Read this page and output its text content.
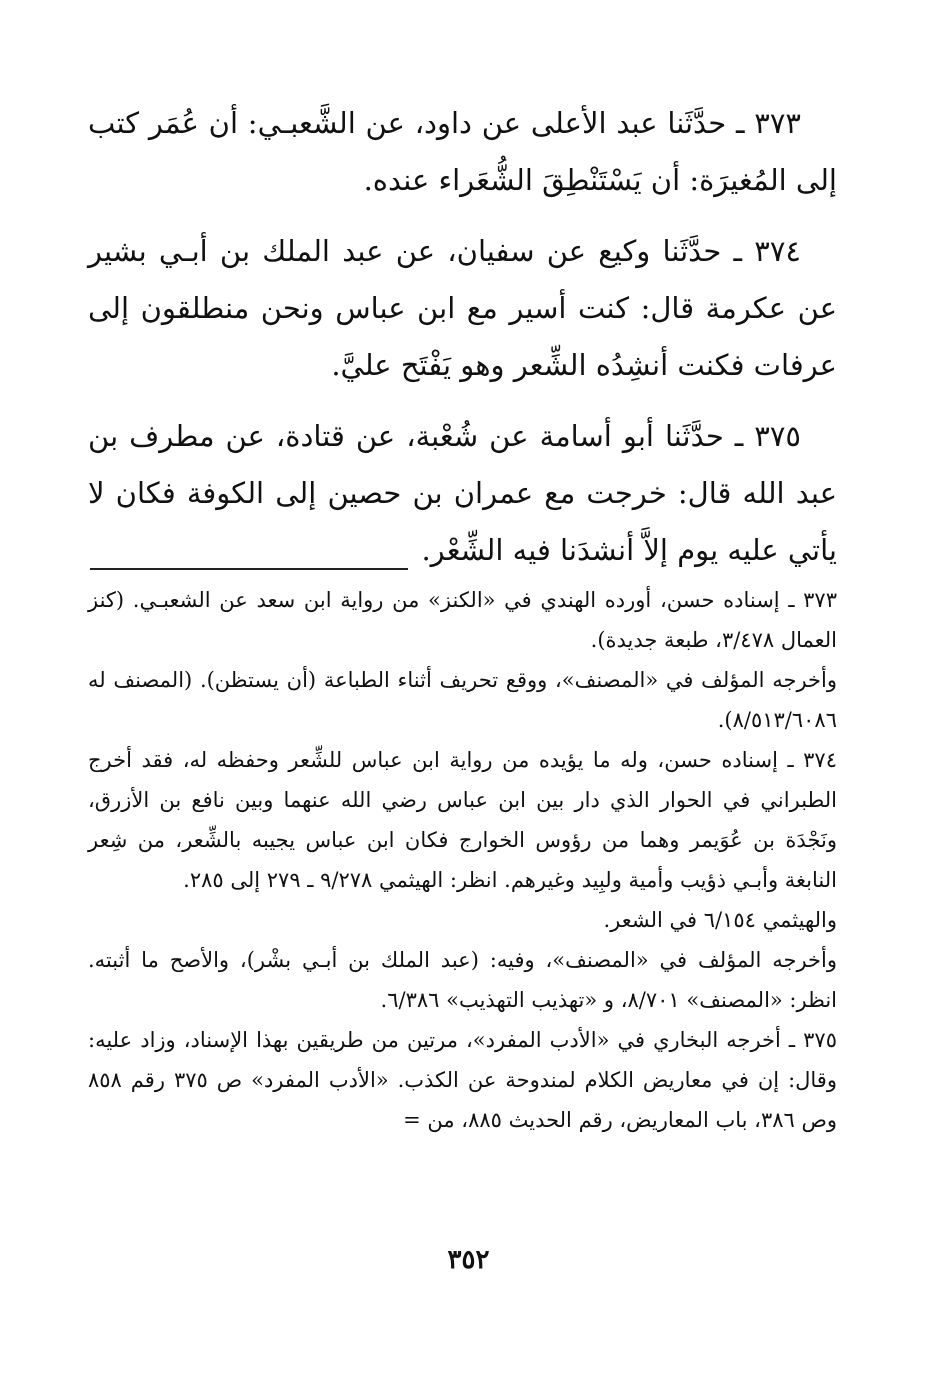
٣٧٣ ـ حدَّثَنا عبد الأعلى عن داود، عن الشَّعبـي: أن عُمَر كتب إلى المُغيرَة: أن يَسْتَنْطِقَ الشُّعَراء عنده.

٣٧٤ ـ حدَّثَنا وكيع عن سفيان، عن عبد الملك بن أبـي بشير عن عكرمة قال: كنت أسير مع ابن عباس ونحن منطلقون إلى عرفات فكنت أنشِدُه الشِّعر وهو يَفْتَح عليَّ.

٣٧٥ ـ حدَّثَنا أبو أسامة عن شُعْبة، عن قتادة، عن مطرف بن عبد الله قال: خرجت مع عمران بن حصين إلى الكوفة فكان لا يأتي عليه يوم إلاَّ أنشدَنا فيه الشِّعْر.

٣٧٣ ـ إسناده حسن، أورده الهندي في «الكنز» من رواية ابن سعد عن الشعبـي. (كنز العمال ٣/٤٧٨، طبعة جديدة).

وأخرجه المؤلف في «المصنف»، ووقع تحريف أثناء الطباعة (أن يستظن). (المصنف له ٨/٥١٣/٦٠٨٦).

٣٧٤ ـ إسناده حسن، وله ما يؤيده من رواية ابن عباس للشِّعر وحفظه له، فقد أخرج الطبراني في الحوار الذي دار بين ابن عباس رضي الله عنهما وبين نافع بن الأزرق، ونَجْدَة بن عُوَيمر وهما من رؤوس الخوارج فكان ابن عباس يجيبه بالشِّعر، من شِعر النابغة وأبـي ذؤيب وأمية ولبِيد وغيرهم. انظر: الهيثمي ٩/٢٧٨ ـ ٢٧٩ إلى ٢٨٥.

والهيثمي ٦/١٥٤ في الشعر.

وأخرجه المؤلف في «المصنف»، وفيه: (عبد الملك بن أبـي بشْر)، والأصح ما أثبته. انظر: «المصنف» ٨/٧٠١، و «تهذيب التهذيب» ٦/٣٨٦.

٣٧٥ ـ أخرجه البخاري في «الأدب المفرد»، مرتين من طريقين بهذا الإسناد، وزاد عليه: وقال: إن في معاريض الكلام لمندوحة عن الكذب. «الأدب المفرد» ص ٣٧٥ رقم ٨٥٨ وص ٣٨٦، باب المعاريض، رقم الحديث ٨٨٥، من =

٣٥٢
